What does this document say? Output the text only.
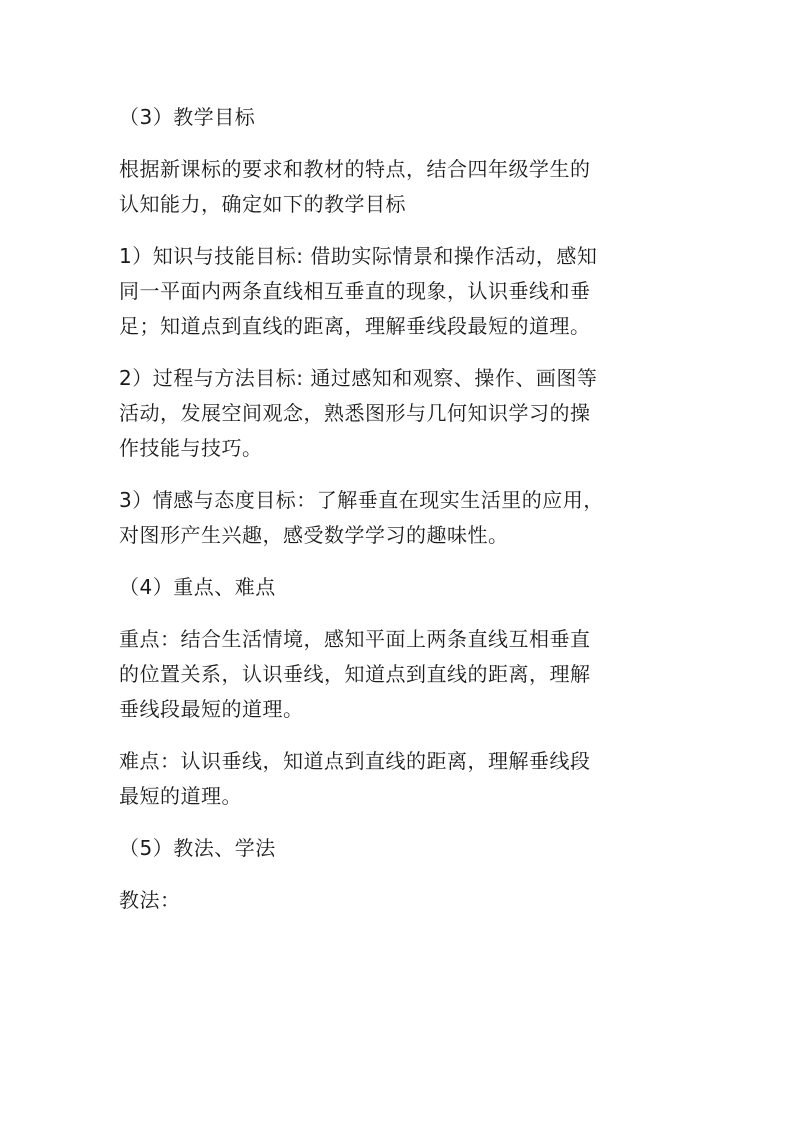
（3）教学目标

根据新课标的要求和教材的特点，结合四年级学生的
认知能力，确定如下的教学目标

1）知识与技能目标: 借助实际情景和操作活动，感知
同一平面内两条直线相互垂直的现象，认识垂线和垂
足；知道点到直线的距离，理解垂线段最短的道理。

2）过程与方法目标: 通过感知和观察、操作、画图等
活动，发展空间观念，熟悉图形与几何知识学习的操
作技能与技巧。

3）情感与态度目标：了解垂直在现实生活里的应用，
对图形产生兴趣，感受数学学习的趣味性。

（4）重点、难点

重点：结合生活情境，感知平面上两条直线互相垂直
的位置关系，认识垂线，知道点到直线的距离，理解
垂线段最短的道理。

难点：认识垂线，知道点到直线的距离，理解垂线段
最短的道理。

（5）教法、学法

教法：
